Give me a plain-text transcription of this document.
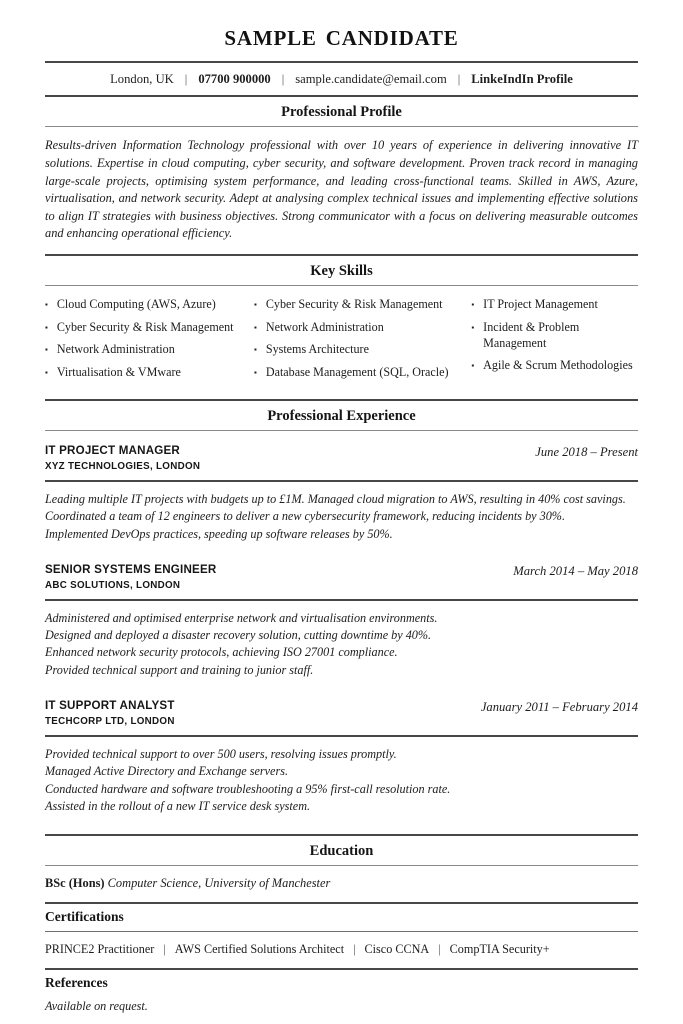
SAMPLE CANDIDATE
London, UK | 07700 900000 | sample.candidate@email.com | LinkeIndIn Profile
Professional Profile

Results-driven Information Technology professional with over 10 years of experience in delivering innovative IT solutions. Expertise in cloud computing, cyber security, and software development. Proven track record in managing large-scale projects, optimising system performance, and leading cross-functional teams. Skilled in AWS, Azure, virtualisation, and network security. Adept at analysing complex technical issues and implementing effective solutions to align IT strategies with business objectives. Strong communicator with a focus on delivering measurable outcomes and enhancing operational efficiency.

Key Skills
▪ Cloud Computing (AWS, Azure)
▪ Cyber Security & Risk Management
▪ Network Administration
▪ Virtualisation & VMware
▪ Cyber Security & Risk Management
▪ Network Administration
▪ Systems Architecture
▪ Database Management (SQL, Oracle)
▪ IT Project Management
▪ Incident & Problem Management
▪ Agile & Scrum Methodologies
Professional Experience
IT PROJECT MANAGER
XYZ TECHNOLOGIES, LONDON
June 2018 – Present
Leading multiple IT projects with budgets up to £1M. Managed cloud migration to AWS, resulting in 40% cost savings.
Coordinated a team of 12 engineers to deliver a new cybersecurity framework, reducing incidents by 30%.
Implemented DevOps practices, speeding up software releases by 50%.
SENIOR SYSTEMS ENGINEER
ABC SOLUTIONS, LONDON
March 2014 – May 2018
Administered and optimised enterprise network and virtualisation environments.
Designed and deployed a disaster recovery solution, cutting downtime by 40%.
Enhanced network security protocols, achieving ISO 27001 compliance.
Provided technical support and training to junior staff.
IT SUPPORT ANALYST
TECHCORP LTD, LONDON
January 2011 – February 2014
Provided technical support to over 500 users, resolving issues promptly.
Managed Active Directory and Exchange servers.
Conducted hardware and software troubleshooting a 95% first-call resolution rate.
Assisted in the rollout of a new IT service desk system.
Education

BSc (Hons) Computer Science, University of Manchester

Certifications
PRINCE2 Practitioner | AWS Certified Solutions Architect | Cisco CCNA | CompTIA Security+
References

Available on request.
